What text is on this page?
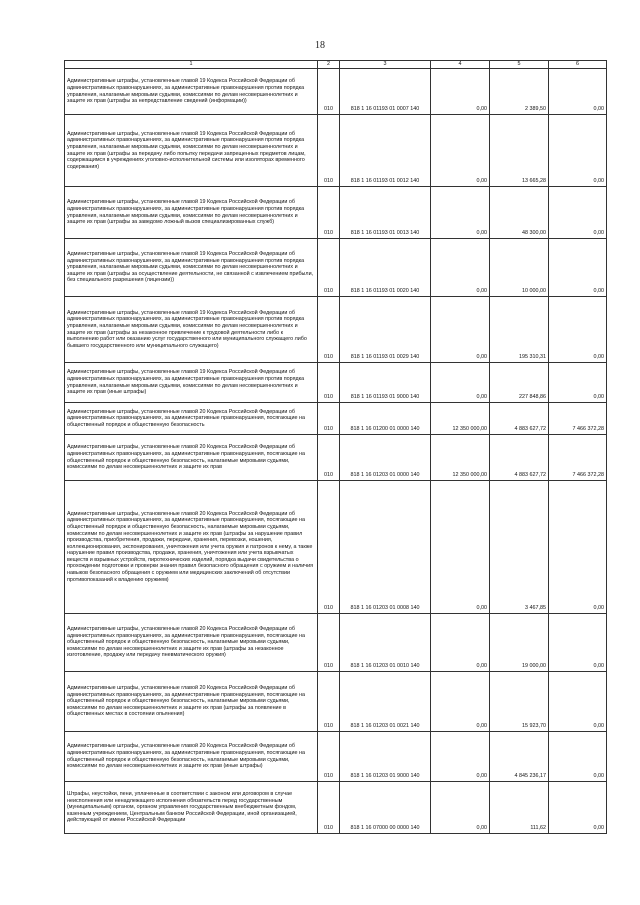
18
1	2	3	4	5	6
Административные штрафы, установленные главой 19 Кодекса Российской Федерации об административных правонарушениях, за административные правонарушения против порядка управления, налагаемые мировыми судьями, комиссиями по делам несовершеннолетних и защите их прав (штрафы за непредставление сведений (информации))	010	818 1 16 01193 01 0007 140	0,00	2 389,50	0,00
Административные штрафы, установленные главой 19 Кодекса Российской Федерации об административных правонарушениях, за административные правонарушения против порядка управления, налагаемые мировыми судьями, комиссиями по делам несовершеннолетних и защите их прав (штрафы за передачу либо попытку передачи запрещенных предметов лицам, содержащимся в учреждениях уголовно-исполнительной системы или изоляторах временного содержания)	010	818 1 16 01193 01 0012 140	0,00	13 665,28	0,00
Административные штрафы, установленные главой 19 Кодекса Российской Федерации об административных правонарушениях, за административные правонарушения против порядка управления, налагаемые мировыми судьями, комиссиями по делам несовершеннолетних и защите их прав (штрафы за заведомо ложный вызов специализированных служб)	010	818 1 16 01193 01 0013 140	0,00	48 300,00	0,00
Административные штрафы, установленные главой 19 Кодекса Российской Федерации об административных правонарушениях, за административные правонарушения против порядка управления, налагаемые мировыми судьями, комиссиями по делам несовершеннолетних и защите их прав (штрафы за осуществление деятельности, не связанной с извлечением прибыли, без специального разрешения (лицензии))	010	818 1 16 01193 01 0020 140	0,00	10 000,00	0,00
Административные штрафы, установленные главой 19 Кодекса Российской Федерации об административных правонарушениях, за административные правонарушения против порядка управления, налагаемые мировыми судьями, комиссиями по делам несовершеннолетних и защите их прав (штрафы за незаконное привлечение к трудовой деятельности либо к выполнению работ или оказанию услуг государственного или муниципального служащего либо бывшего государственного или муниципального служащего)	010	818 1 16 01193 01 0029 140	0,00	195 310,31	0,00
Административные штрафы, установленные главой 19 Кодекса Российской Федерации об административных правонарушениях, за административные правонарушения против порядка управления, налагаемые мировыми судьями, комиссиями по делам несовершеннолетних и защите их прав (иные штрафы)	010	818 1 16 01193 01 9000 140	0,00	227 848,86	0,00
Административные штрафы, установленные главой 20 Кодекса Российской Федерации об административных правонарушениях, за административные правонарушения, посягающие на общественный порядок и общественную безопасность	010	818 1 16 01200 01 0000 140	12 350 000,00	4 883 627,72	7 466 372,28
Административные штрафы, установленные главой 20 Кодекса Российской Федерации об административных правонарушениях, за административные правонарушения, посягающие на общественный порядок и общественную безопасность, налагаемые мировыми судьями, комиссиями по делам несовершеннолетних и защите их прав	010	818 1 16 01203 01 0000 140	12 350 000,00	4 883 627,72	7 466 372,28
Административные штрафы, установленные главой 20 Кодекса Российской Федерации об административных правонарушениях, за административные правонарушения, посягающие на общественный порядок и общественную безопасность, налагаемые мировыми судьями, комиссиями по делам несовершеннолетних и защите их прав (штрафы за нарушение правил производства, приобретения, продажи, передачи, хранения, перевозки, ношения, коллекционирования, экспонирования, уничтожения или учета оружия и патронов к нему, а также нарушение правил производства, продажи, хранения, уничтожения или учета взрывчатых веществ и взрывных устройств, пиротехнических изделий, порядка выдачи свидетельства о прохождении подготовки и проверки знания правил безопасного обращения с оружием и наличия навыков безопасного обращения с оружием или медицинских заключений об отсутствии противопоказаний к владению оружием)	010	818 1 16 01203 01 0008 140	0,00	3 467,85	0,00
Административные штрафы, установленные главой 20 Кодекса Российской Федерации об административных правонарушениях, за административные правонарушения, посягающие на общественный порядок и общественную безопасность, налагаемые мировыми судьями, комиссиями по делам несовершеннолетних и защите их прав (штрафы за незаконное изготовление, продажу или передачу пневматического оружия)	010	818 1 16 01203 01 0010 140	0,00	19 000,00	0,00
Административные штрафы, установленные главой 20 Кодекса Российской Федерации об административных правонарушениях, за административные правонарушения, посягающие на общественный порядок и общественную безопасность, налагаемые мировыми судьями, комиссиями по делам несовершеннолетних и защите их прав (штрафы за появление в общественных местах в состоянии опьянения)	010	818 1 16 01203 01 0021 140	0,00	15 923,70	0,00
Административные штрафы, установленные главой 20 Кодекса Российской Федерации об административных правонарушениях, за административные правонарушения, посягающие на общественный порядок и общественную безопасность, налагаемые мировыми судьями, комиссиями по делам несовершеннолетних и защите их прав (иные штрафы)	010	818 1 16 01203 01 9000 140	0,00	4 845 236,17	0,00
Штрафы, неустойки, пени, уплаченные в соответствии с законом или договором в случае неисполнения или ненадлежащего исполнения обязательств перед государственным (муниципальным) органом, органом управления государственным внебюджетным фондом, казенным учреждением, Центральным банком Российской Федерации, иной организацией, действующей от имени Российской Федерации	010	818 1 16 07000 00 0000 140	0,00	111,62	0,00
